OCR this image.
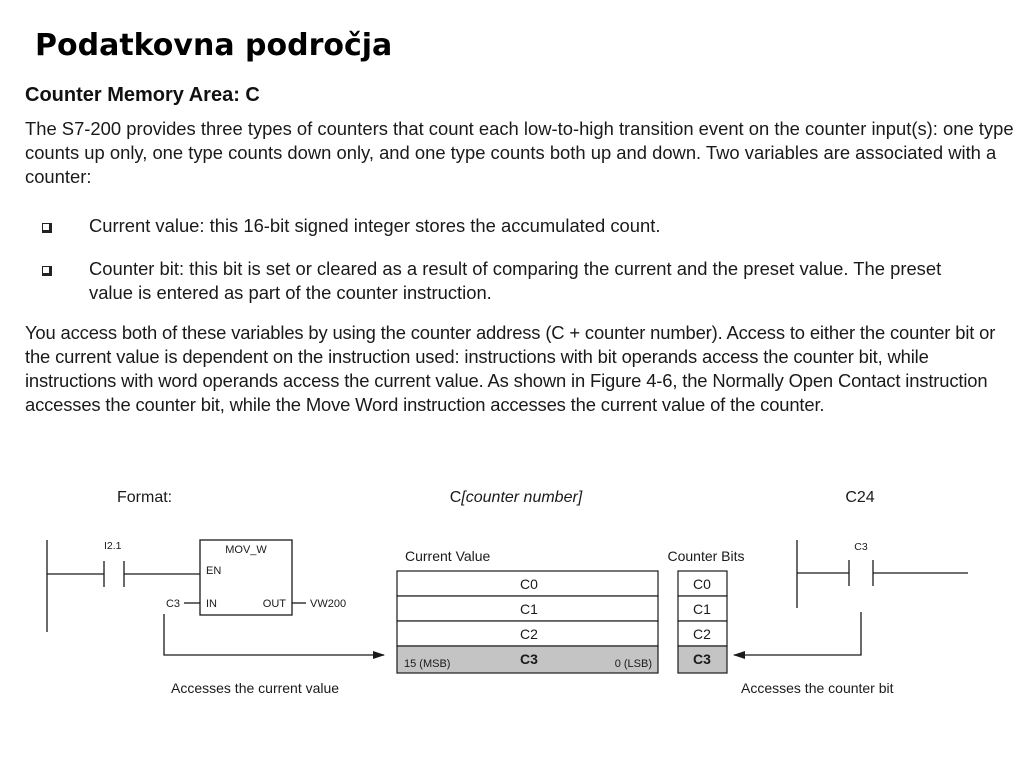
Podatkovna področja
Counter Memory Area: C

The S7-200 provides three types of counters that count each low-to-high transition event on the counter input(s): one type counts up only, one type counts down only, and one type counts both up and down. Two variables are associated with a counter:

Current value: this 16-bit signed integer stores the accumulated count.
Counter bit: this bit is set or cleared as a result of comparing the current and the preset value. The preset value is entered as part of the counter instruction.

You access both of these variables by using the counter address (C + counter number). Access to either the counter bit or the current value is dependent on the instruction used: instructions with bit operands access the counter bit, while instructions with word operands access the current value. As shown in Figure 4-6, the Normally Open Contact instruction accesses the counter bit, while the Move Word instruction accesses the current value of the counter.

Format:	C[counter number]	C24
I2.1	MOV_W
EN
IN	OUT
C3	VW200
Accesses the current value
Current Value
C0
C1
C2
C3
15 (MSB)	0 (LSB)
Counter Bits
C0
C1
C2
C3
C3
Accesses the counter bit
